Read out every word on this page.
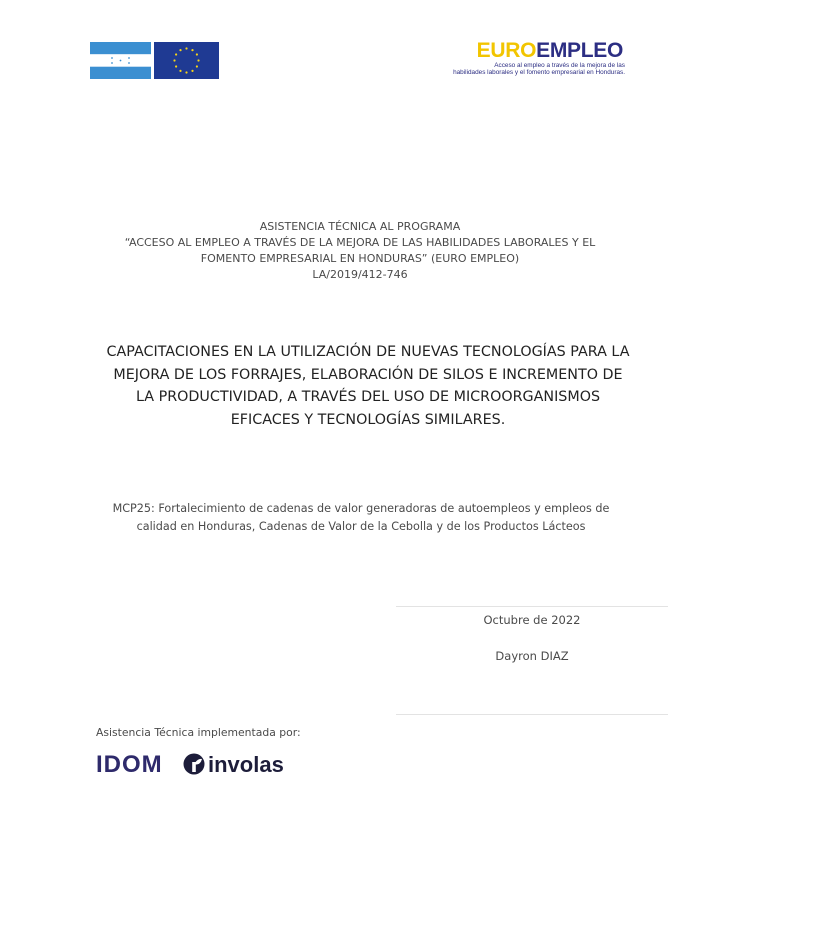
EUROEMPLEO
Acceso al empleo a través de la mejora de las
habilidades laborales y el fomento empresarial en Honduras.
ASISTENCIA TÉCNICA AL PROGRAMA
“ACCESO AL EMPLEO A TRAVÉS DE LA MEJORA DE LAS HABILIDADES LABORALES Y EL
FOMENTO EMPRESARIAL EN HONDURAS” (EURO EMPLEO)
LA/2019/412-746
CAPACITACIONES EN LA UTILIZACIÓN DE NUEVAS TECNOLOGÍAS PARA LA
MEJORA DE LOS FORRAJES, ELABORACIÓN DE SILOS E INCREMENTO DE
LA PRODUCTIVIDAD, A TRAVÉS DEL USO DE MICROORGANISMOS
EFICACES Y TECNOLOGÍAS SIMILARES.
MCP25: Fortalecimiento de cadenas de valor generadoras de autoempleos y empleos de
calidad en Honduras, Cadenas de Valor de la Cebolla y de los Productos Lácteos
Octubre de 2022
Dayron DIAZ
Asistencia Técnica implementada por:
IDOM involas
